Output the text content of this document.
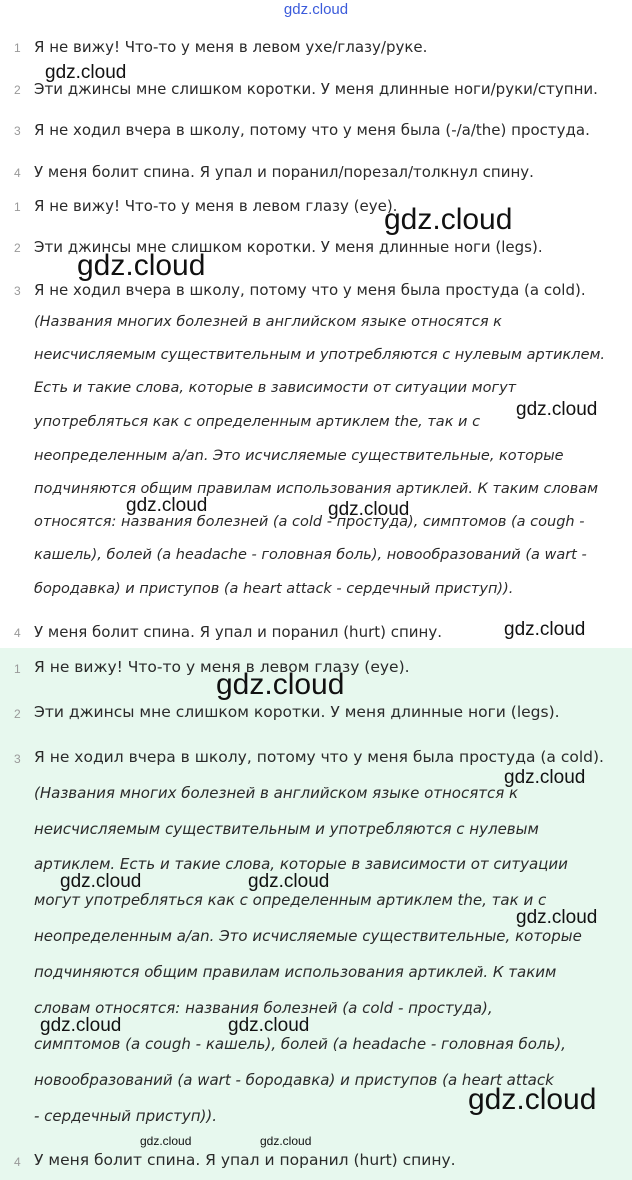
gdz.cloud
1 Я не вижу! Что-то у меня в левом ухе/глазу/руке.
2 Эти джинсы мне слишком коротки. У меня длинные ноги/руки/ступни.
3 Я не ходил вчера в школу, потому что у меня была (-/a/the) простуда.
4 У меня болит спина. Я упал и поранил/порезал/толкнул спину.
1 Я не вижу! Что-то у меня в левом глазу (eye).
2 Эти джинсы мне слишком коротки. У меня длинные ноги (legs).
3 Я не ходил вчера в школу, потому что у меня была простуда (a cold).
(Названия многих болезней в английском языке относятся к
неисчисляемым существительным и употребляются с нулевым артиклем.
Есть и такие слова, которые в зависимости от ситуации могут
употребляться как с определенным артиклем the, так и с
неопределенным a/an. Это исчисляемые существительные, которые
подчиняются общим правилам использования артиклей. К таким словам
относятся: названия болезней (a cold - простуда), симптомов (a cough -
кашель), болей (a headache - головная боль), новообразований (a wart -
бородавка) и приступов (a heart attack - сердечный приступ)).
4 У меня болит спина. Я упал и поранил (hurt) спину.
1 Я не вижу! Что-то у меня в левом глазу (eye).
2 Эти джинсы мне слишком коротки. У меня длинные ноги (legs).
3 Я не ходил вчера в школу, потому что у меня была простуда (a cold).
(Названия многих болезней в английском языке относятся к
неисчисляемым существительным и употребляются с нулевым
артиклем. Есть и такие слова, которые в зависимости от ситуации
могут употребляться как с определенным артиклем the, так и с
неопределенным a/an. Это исчисляемые существительные, которые
подчиняются общим правилам использования артиклей. К таким
словам относятся: названия болезней (a cold - простуда),
симптомов (a cough - кашель), болей (a headache - головная боль),
новообразований (a wart - бородавка) и приступов (a heart attack
- сердечный приступ)).
4 У меня болит спина. Я упал и поранил (hurt) спину.
gdz.cloud
gdz.cloud
gdz.cloud
gdz.cloud
gdz.cloud	gdz.cloud
gdz.cloud
gdz.cloud
gdz.cloud
gdz.cloud	gdz.cloud
gdz.cloud
gdz.cloud	gdz.cloud
gdz.cloud
gdz.cloud	gdz.cloud
